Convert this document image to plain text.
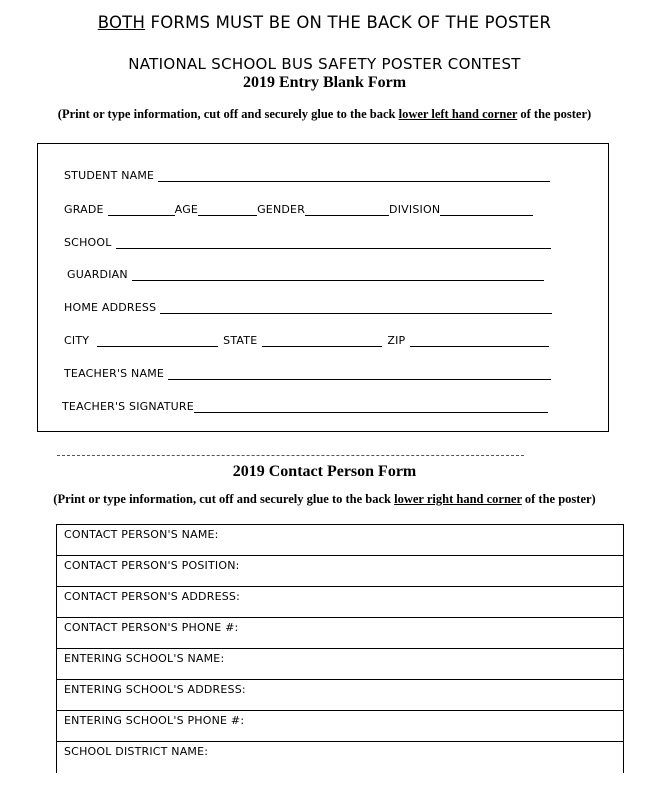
BOTH FORMS MUST BE ON THE BACK OF THE POSTER
NATIONAL SCHOOL BUS SAFETY POSTER CONTEST
2019 Entry Blank Form
(Print or type information, cut off and securely glue to the back lower left hand corner of the poster)
STUDENT NAME
GRADE	AGE	GENDER	DIVISION
SCHOOL
GUARDIAN
HOME ADDRESS
CITY	STATE	ZIP
TEACHER'S NAME
TEACHER'S SIGNATURE
2019 Contact Person Form
(Print or type information, cut off and securely glue to the back lower right hand corner of the poster)
CONTACT PERSON'S NAME:
CONTACT PERSON'S POSITION:
CONTACT PERSON'S ADDRESS:
CONTACT PERSON'S PHONE #:
ENTERING SCHOOL'S NAME:
ENTERING SCHOOL'S ADDRESS:
ENTERING SCHOOL'S PHONE #:
SCHOOL DISTRICT NAME:
